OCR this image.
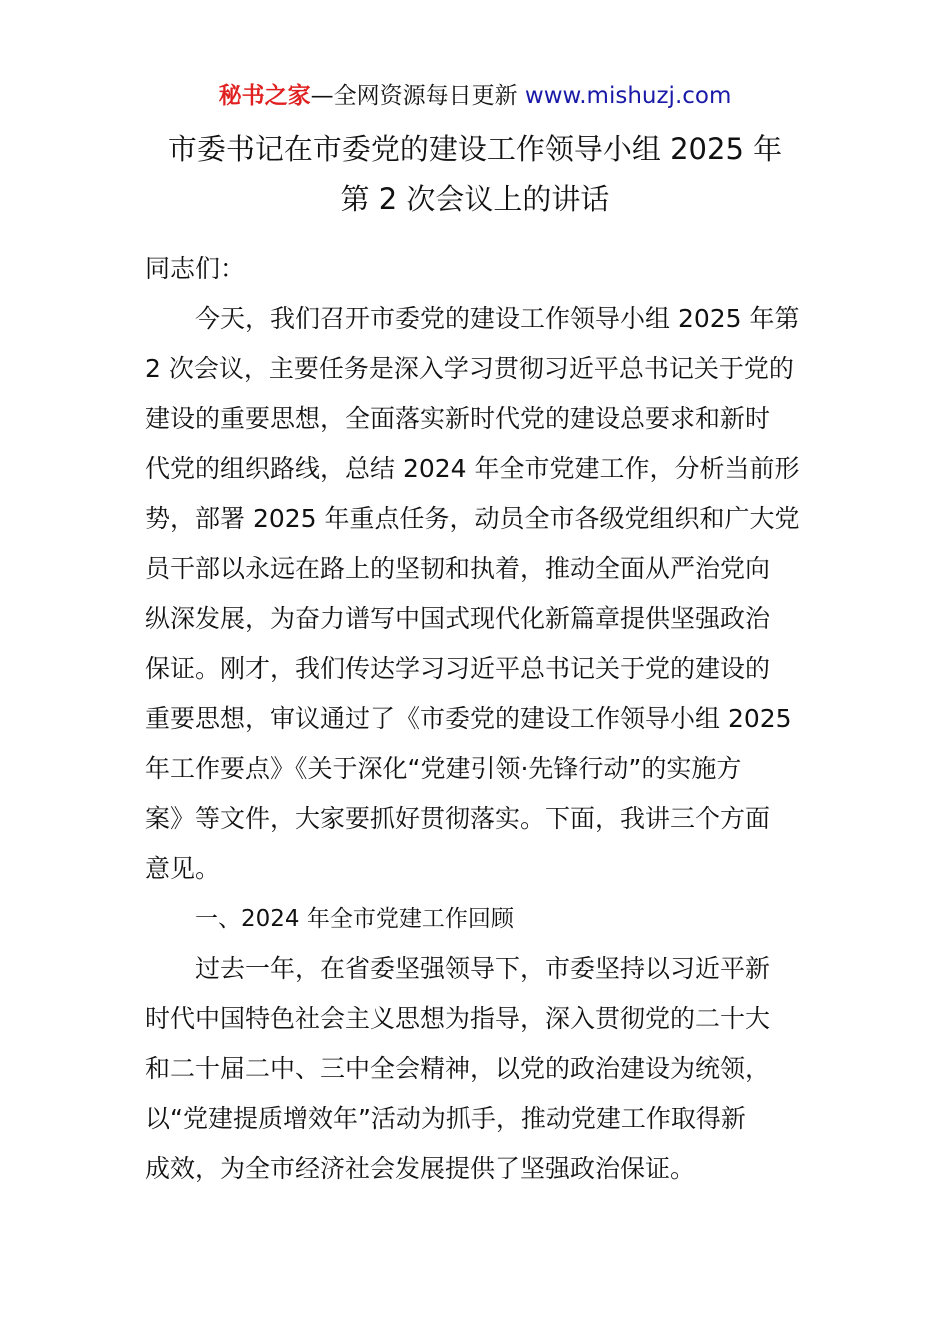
秘书之家—全网资源每日更新 www.mishuzj.com
市委书记在市委党的建设工作领导小组 2025 年
第 2 次会议上的讲话

同志们：

今天，我们召开市委党的建设工作领导小组 2025 年第
2 次会议，主要任务是深入学习贯彻习近平总书记关于党的
建设的重要思想，全面落实新时代党的建设总要求和新时
代党的组织路线，总结 2024 年全市党建工作，分析当前形
势，部署 2025 年重点任务，动员全市各级党组织和广大党
员干部以永远在路上的坚韧和执着，推动全面从严治党向
纵深发展，为奋力谱写中国式现代化新篇章提供坚强政治
保证。刚才，我们传达学习习近平总书记关于党的建设的
重要思想，审议通过了《市委党的建设工作领导小组 2025
年工作要点》《关于深化“党建引领·先锋行动”的实施方
案》等文件，大家要抓好贯彻落实。下面，我讲三个方面
意见。

一、2024 年全市党建工作回顾

过去一年，在省委坚强领导下，市委坚持以习近平新
时代中国特色社会主义思想为指导，深入贯彻党的二十大
和二十届二中、三中全会精神，以党的政治建设为统领，
以“党建提质增效年”活动为抓手，推动党建工作取得新
成效，为全市经济社会发展提供了坚强政治保证。
